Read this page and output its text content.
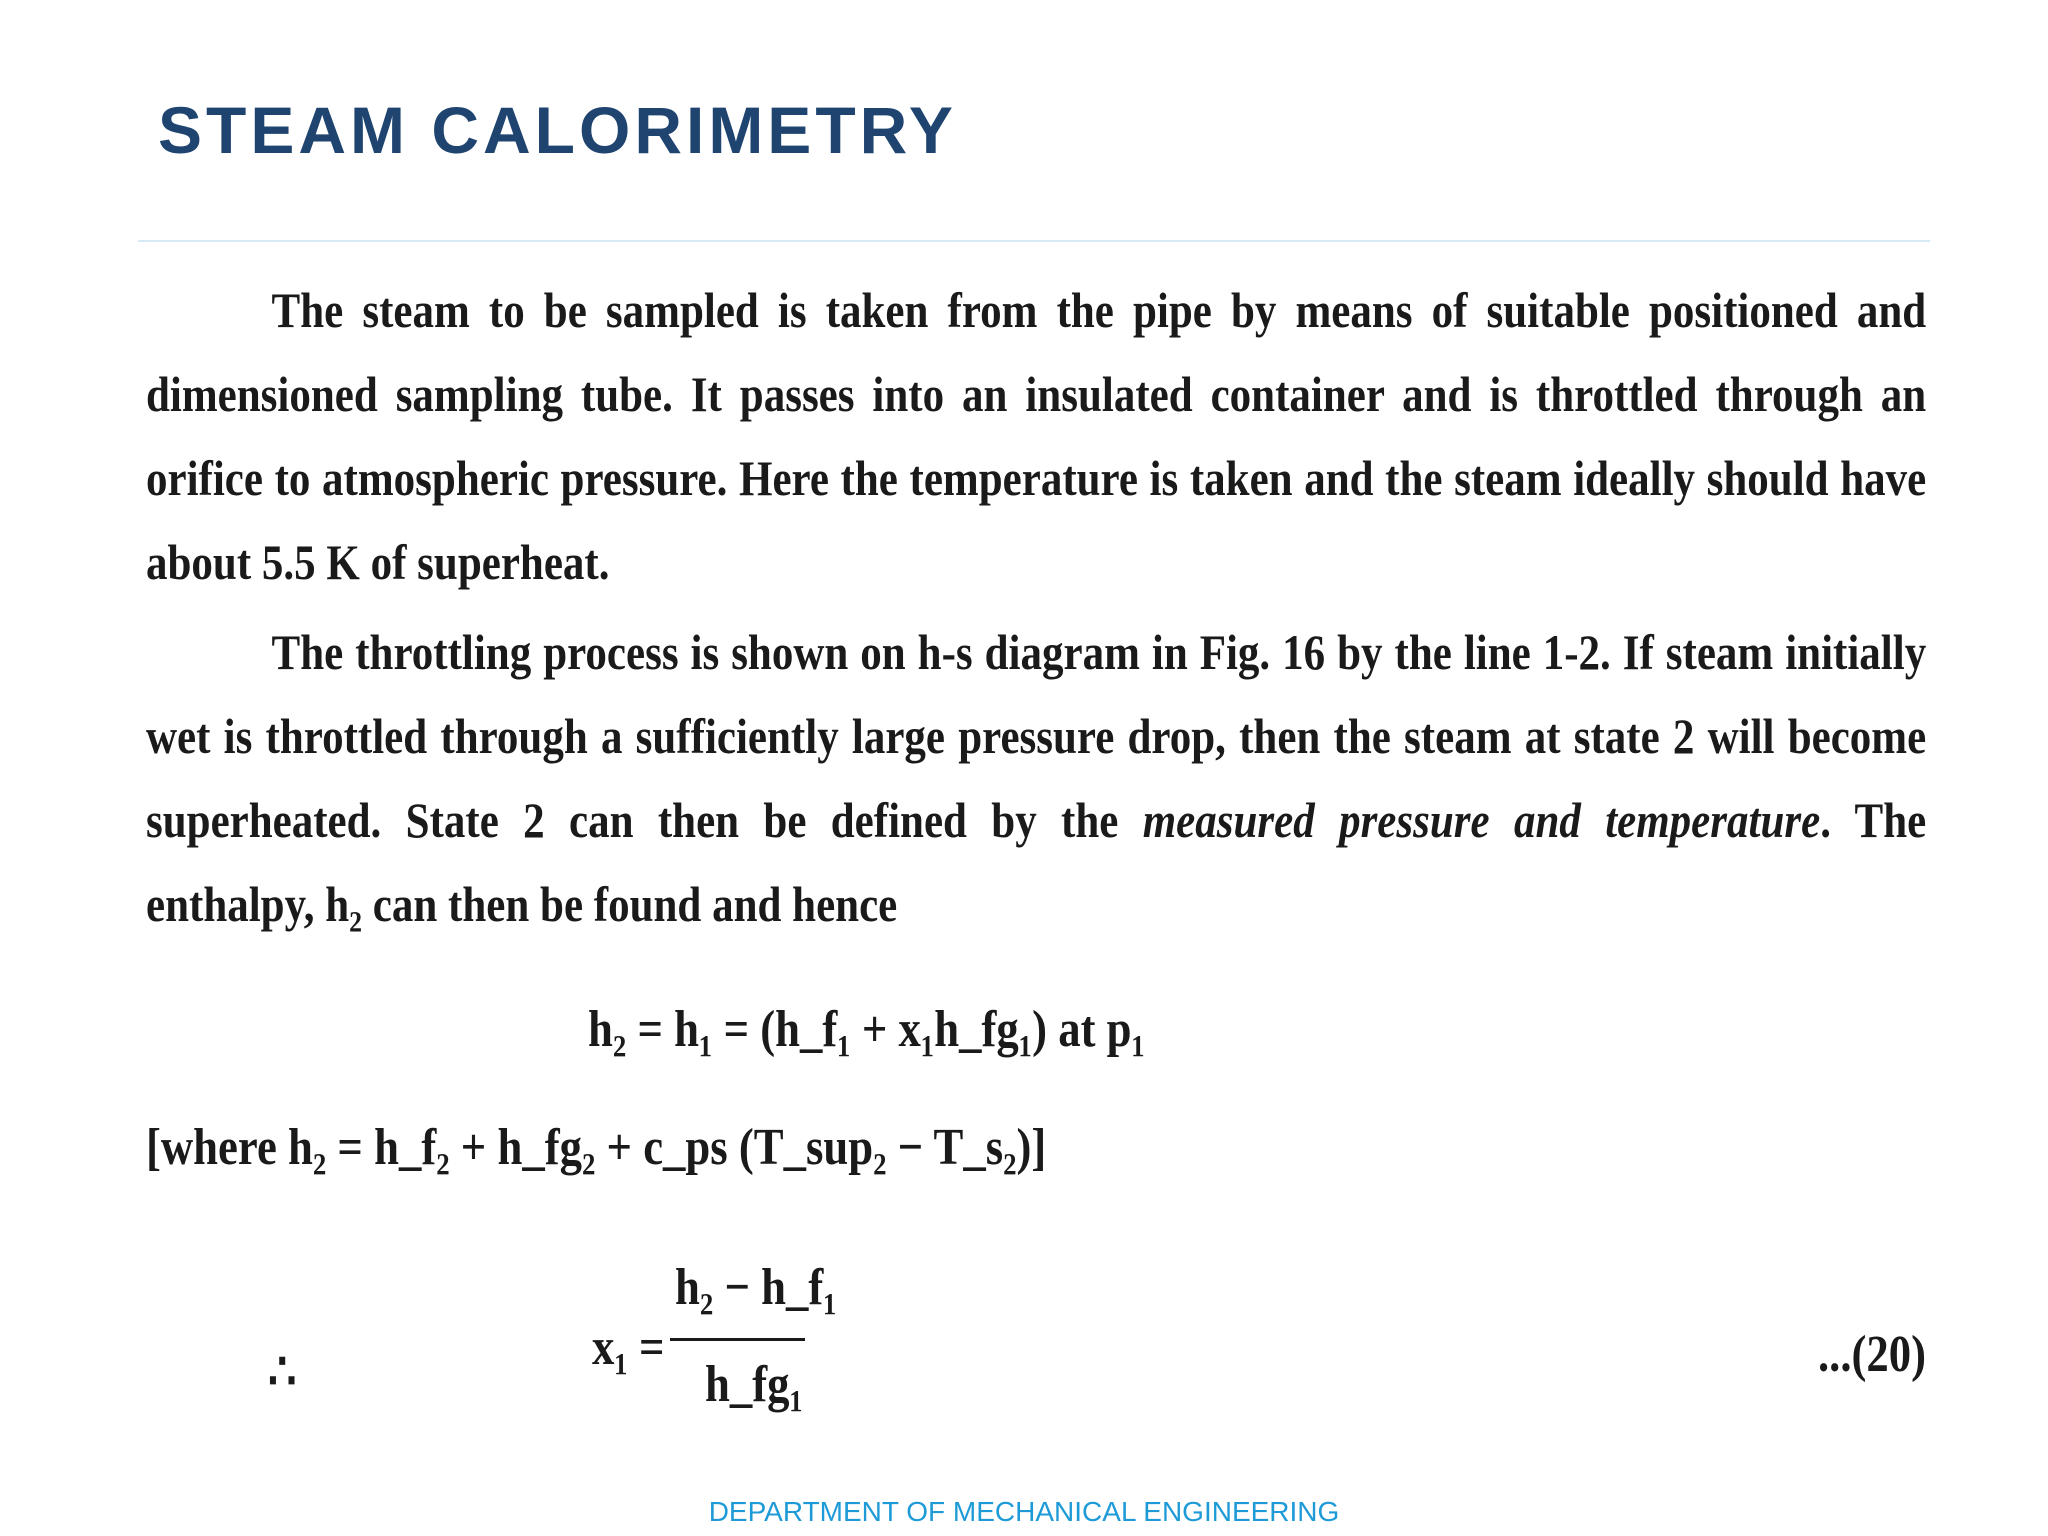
STEAM CALORIMETRY

The steam to be sampled is taken from the pipe by means of suitable positioned and dimensioned sampling tube. It passes into an insulated container and is throttled through an orifice to atmospheric pressure. Here the temperature is taken and the steam ideally should have about 5.5 K of superheat.

The throttling process is shown on h-s diagram in Fig. 16 by the line 1-2. If steam initially wet is throttled through a sufficiently large pressure drop, then the steam at state 2 will become superheated. State 2 can then be defined by the measured pressure and temperature. The enthalpy, $h_2$ can then be found and hence

h₂ = h₁ = (h_f₁ + x₁h_fg₁) at p₁
[where h₂ = h_f₂ + h_fg₂ + c_ps (T_sup₂ − T_s₂)]
∴	x₁ =
h₂ − h_f₁
h_fg₁
...(20)
DEPARTMENT OF MECHANICAL ENGINEERING
